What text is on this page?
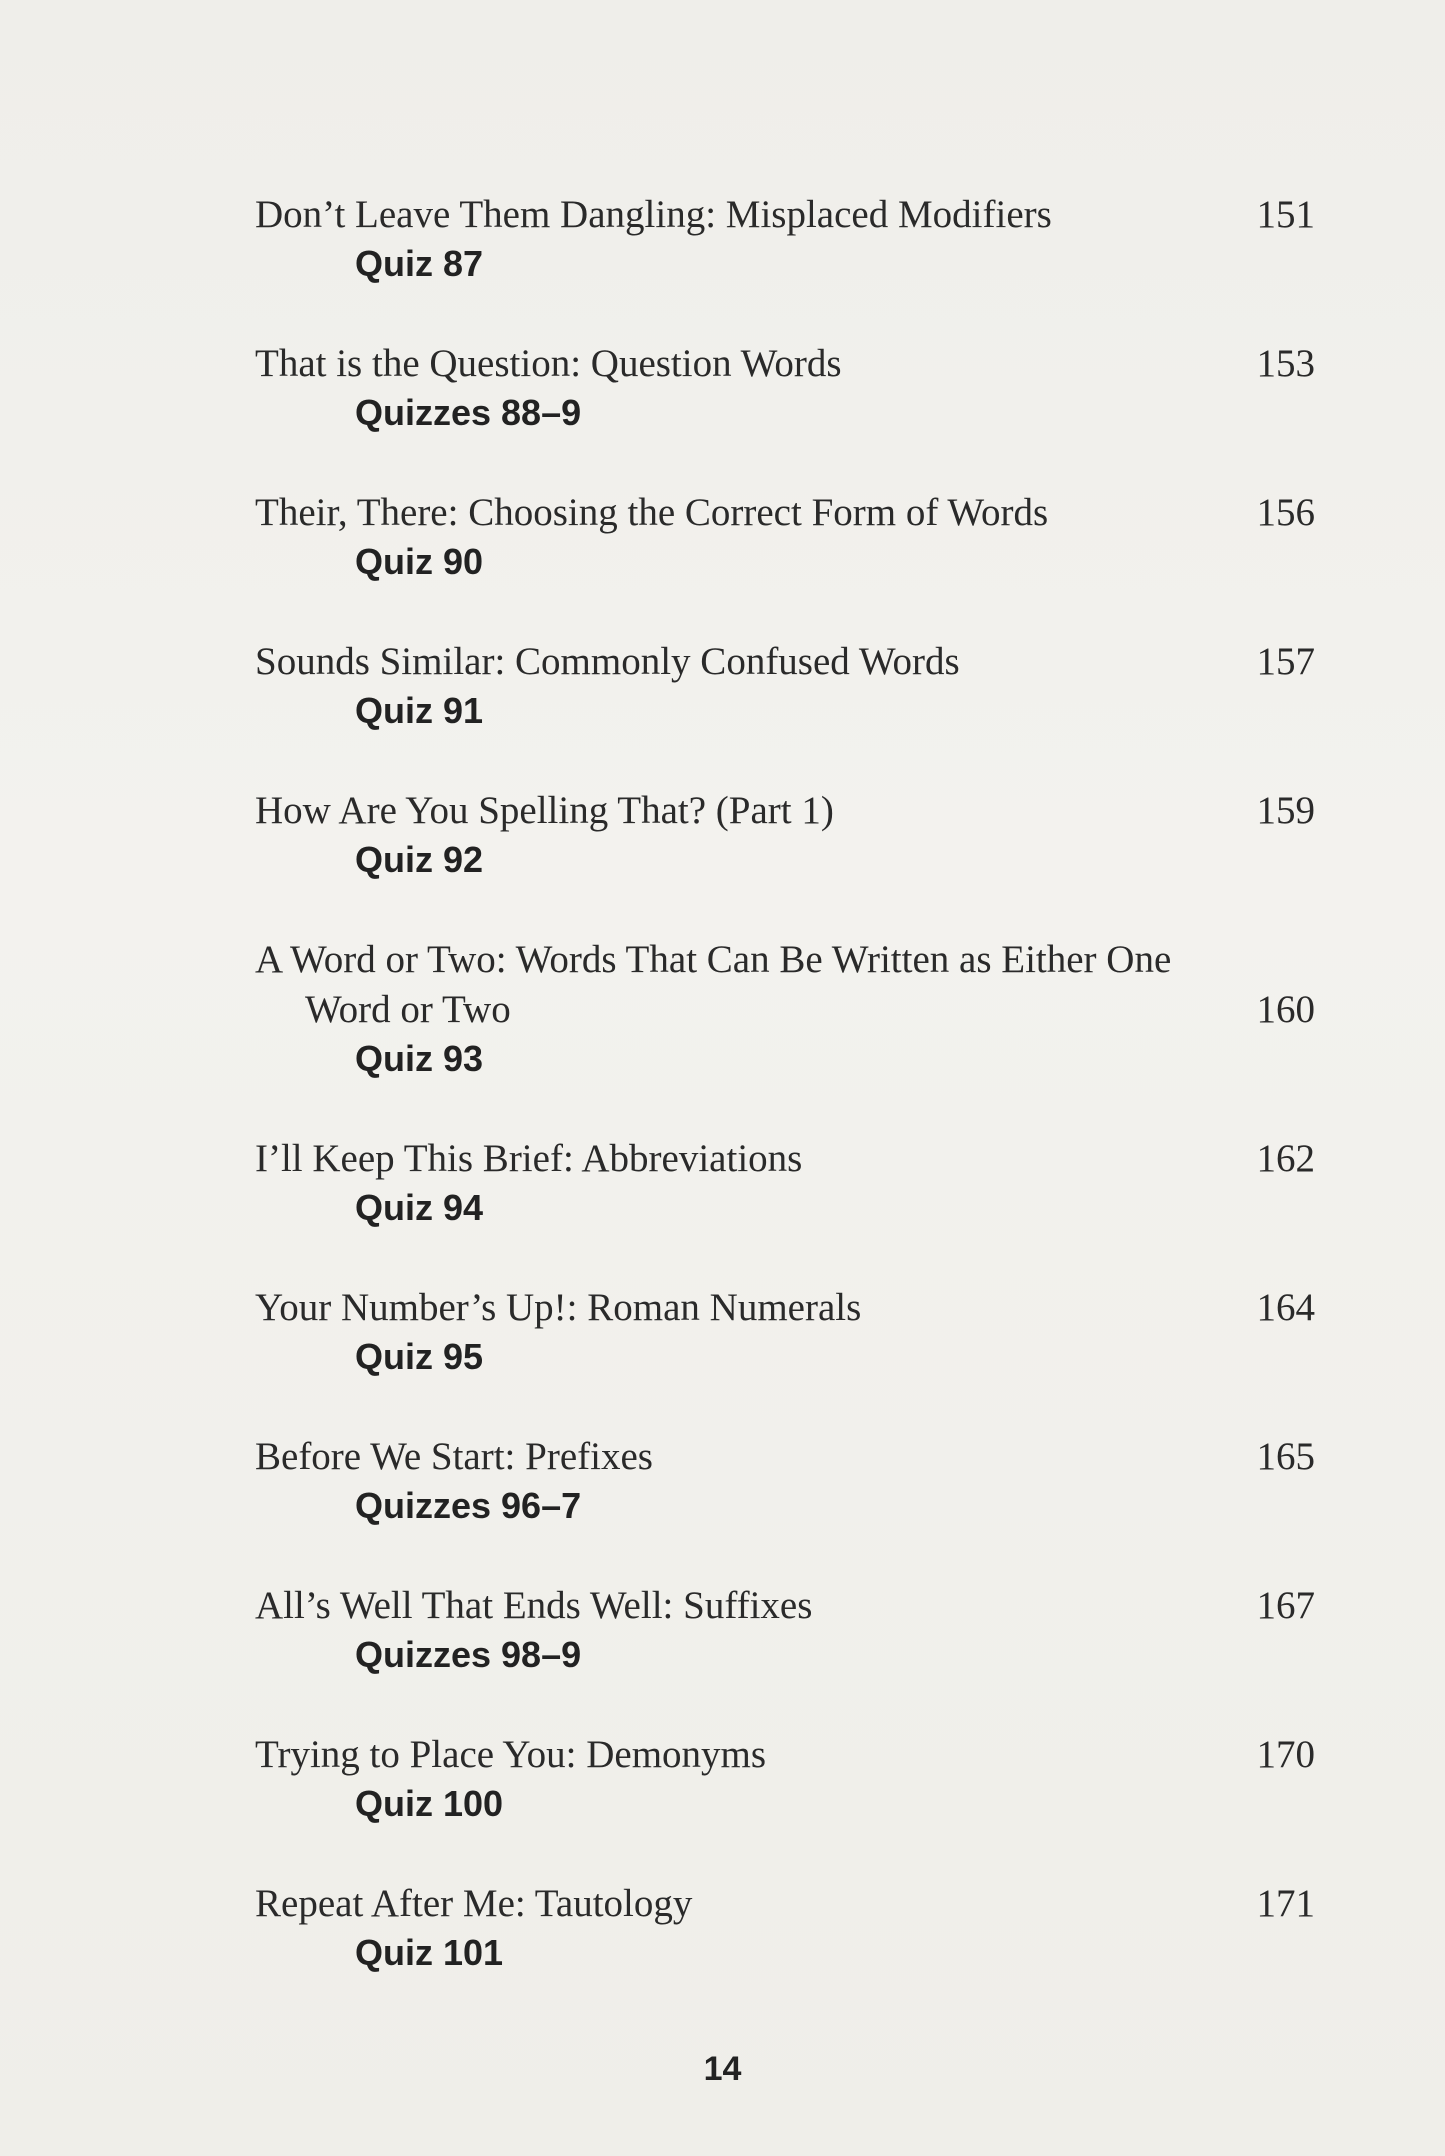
Don’t Leave Them Dangling: Misplaced Modifiers
Quiz 87
151
That is the Question: Question Words
Quizzes 88–9
153
Their, There: Choosing the Correct Form of Words
Quiz 90
156
Sounds Similar: Commonly Confused Words
Quiz 91
157
How Are You Spelling That? (Part 1)
Quiz 92
159
A Word or Two: Words That Can Be Written as Either One
Word or Two
Quiz 93
160
I’ll Keep This Brief: Abbreviations
Quiz 94
162
Your Number’s Up!: Roman Numerals
Quiz 95
164
Before We Start: Prefixes
Quizzes 96–7
165
All’s Well That Ends Well: Suffixes
Quizzes 98–9
167
Trying to Place You: Demonyms
Quiz 100
170
Repeat After Me: Tautology
Quiz 101
171
14
